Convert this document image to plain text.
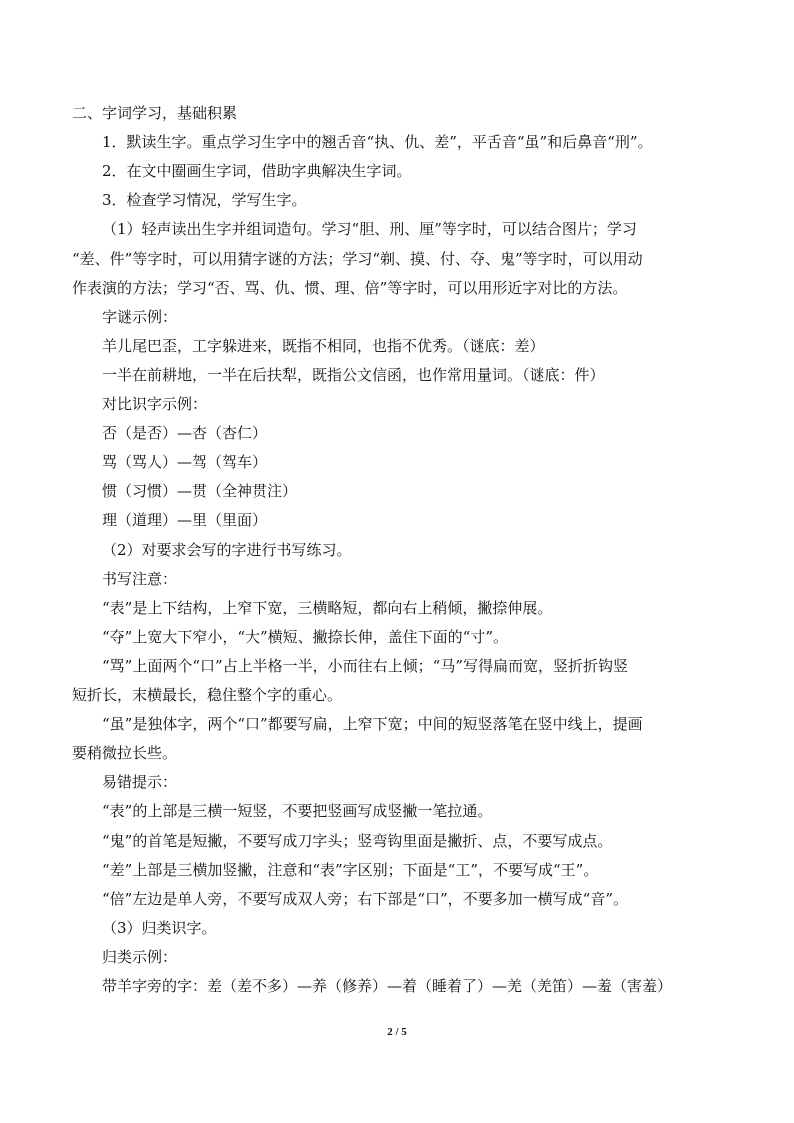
二、字词学习，基础积累
1．默读生字。重点学习生字中的翘舌音“执、仇、差”，平舌音“虽”和后鼻音“刑”。
2．在文中圈画生字词，借助字典解决生字词。
3．检查学习情况，学写生字。
（1）轻声读出生字并组词造句。学习“胆、刑、厘”等字时，可以结合图片；学习
“差、件”等字时，可以用猜字谜的方法；学习“剃、摸、付、夺、鬼”等字时，可以用动
作表演的方法；学习“否、骂、仇、惯、理、倍”等字时，可以用形近字对比的方法。
字谜示例：
羊儿尾巴歪，工字躲进来，既指不相同，也指不优秀。（谜底：差）
一半在前耕地，一半在后扶犁，既指公文信函，也作常用量词。（谜底：件）
对比识字示例：
否（是否）—杏（杏仁）
骂（骂人）—驾（驾车）
惯（习惯）—贯（全神贯注）
理（道理）—里（里面）
（2）对要求会写的字进行书写练习。
书写注意：
“表”是上下结构，上窄下宽，三横略短，都向右上稍倾，撇捺伸展。
“夺”上宽大下窄小，“大”横短、撇捺长伸，盖住下面的“寸”。
“骂”上面两个“口”占上半格一半，小而往右上倾；“马”写得扁而宽，竖折折钩竖
短折长，末横最长，稳住整个字的重心。
“虽”是独体字，两个“口”都要写扁，上窄下宽；中间的短竖落笔在竖中线上，提画
要稍微拉长些。
易错提示：
“表”的上部是三横一短竖，不要把竖画写成竖撇一笔拉通。
“鬼”的首笔是短撇，不要写成刀字头；竖弯钩里面是撇折、点，不要写成点。
“差”上部是三横加竖撇，注意和“表”字区别；下面是“工”，不要写成“王”。
“倍”左边是单人旁，不要写成双人旁；右下部是“口”，不要多加一横写成“音”。
（3）归类识字。
归类示例：
带羊字旁的字：差（差不多）—养（修养）—着（睡着了）—羌（羌笛）—羞（害羞）
2 / 5
